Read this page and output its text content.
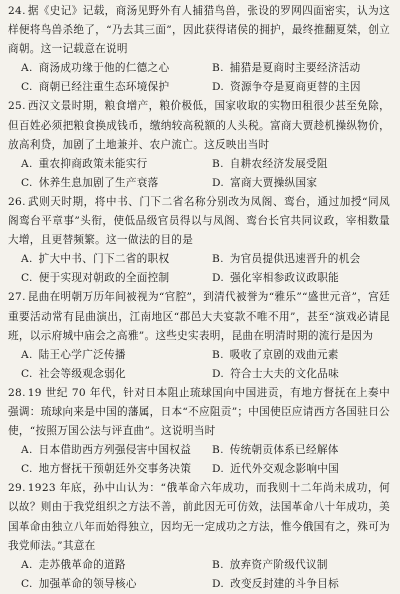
24. 据《史记》记载，商汤见野外有人捕猎鸟兽，张设的罗网四面密实，认为这样便将鸟兽杀绝了，“乃去其三面”，因此获得诸侯的拥护，最终推翻夏桀，创立商朝。这一记载意在说明

A. 商汤成功缘于他的仁德之心	B. 捕猎是夏商时主要经济活动
C. 商朝已经注重生态环境保护	D. 资源争夺是夏商更替的主因

25. 西汉文景时期，粮食增产，粮价极低，国家收取的实物田租很少甚至免除，但百姓必须把粮食换成钱币，缴纳较高税额的人头税。富商大贾趁机操纵物价，放高利贷，加剧了土地兼并、农户流亡。这反映出当时

A. 重农抑商政策未能实行	B. 自耕农经济发展受阻
C. 休养生息加剧了生产衰落	D. 富商大贾操纵国家

26. 武则天时期，将中书、门下二省名称分别改为凤阁、鸾台，通过加授“同凤阁鸾台平章事”头衔，使低品级官员得以与凤阁、鸾台长官共同议政，宰相数量大增，且更替频繁。这一做法的目的是

A. 扩大中书、门下二省的职权	B. 为官员提供迅速晋升的机会
C. 便于实现对朝政的全面控制	D. 强化宰相参政议政职能

27. 昆曲在明朝万历年间被视为“官腔”，到清代被誉为“雅乐”“盛世元音”，宫廷重要活动常有昆曲演出，江南地区“郡邑大夫宴款不唯不用”，甚至“演戏必请昆班，以示府城中庙会之高雅”。这些史实表明，昆曲在明清时期的流行是因为

A. 陆王心学广泛传播	B. 吸收了京剧的戏曲元素
C. 社会等级观念弱化	D. 符合士大夫的文化品味

28. 19 世纪 70 年代，针对日本阻止琉球国向中国进贡，有地方督抚在上奏中强调：琉球向来是中国的藩属，日本“不应阻贡”；中国使臣应请西方各国驻日公使，“按照万国公法与评直曲”。这说明当时

A. 日本借助西方列强侵害中国权益	B. 传统朝贡体系已经解体
C. 地方督抚干预朝廷外交事务决策	D. 近代外交观念影响中国

29. 1923 年底，孙中山认为：“俄革命六年成功，而我则十二年尚未成功，何以故？则由于我党组织之方法不善，前此因无可仿效，法国革命八十年成功，美国革命由独立八年而始得独立，因均无一定成功之方法，惟今俄国有之，殊可为我党师法。”其意在

A. 走苏俄革命的道路	B. 放弃资产阶级代议制
C. 加强革命的领导核心	D. 改变反封建的斗争目标
